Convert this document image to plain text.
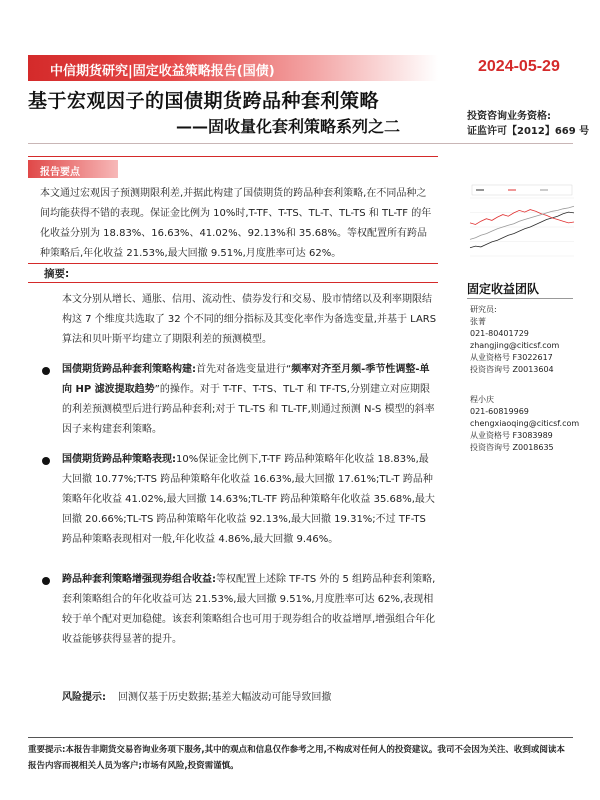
中信期货研究|固定收益策略报告(国债)	2024-05-29
基于宏观因子的国债期货跨品种套利策略
——固收量化套利策略系列之二
投资咨询业务资格:
证监许可【2012】669 号
报告要点
本文通过宏观因子预测期限利差,并据此构建了国债期货的跨品种套利策略,在不同品种之间均能获得不错的表现。保证金比例为 10%时,T-TF、T-TS、TL-T、TL-TS 和 TL-TF 的年化收益分别为 18.83%、16.63%、41.02%、92.13%和 35.68%。等权配置所有跨品种策略后,年化收益 21.53%,最大回撤 9.51%,月度胜率可达 62%。
摘要:
本文分别从增长、通胀、信用、流动性、债券发行和交易、股市情绪以及利率期限结构这 7 个维度共选取了 32 个不同的细分指标及其变化率作为备选变量,并基于 LARS 算法和贝叶斯平均建立了期限利差的预测模型。
国债期货跨品种套利策略构建:首先对备选变量进行“频率对齐至月频-季节性调整-单向 HP 滤波提取趋势”的操作。对于 T-TF、T-TS、TL-T 和 TF-TS,分别建立对应期限的利差预测模型后进行跨品种套利;对于 TL-TS 和 TL-TF,则通过预测 N-S 模型的斜率因子来构建套利策略。
国债期货跨品种策略表现:10%保证金比例下,T-TF 跨品种策略年化收益 18.83%,最大回撤 10.77%;T-TS 跨品种策略年化收益 16.63%,最大回撤 17.61%;TL-T 跨品种策略年化收益 41.02%,最大回撤 14.63%;TL-TF 跨品种策略年化收益 35.68%,最大回撤 20.66%;TL-TS 跨品种策略年化收益 92.13%,最大回撤 19.31%;不过 TF-TS 跨品种策略表现相对一般,年化收益 4.86%,最大回撤 9.46%。
跨品种套利策略增强现券组合收益:等权配置上述除 TF-TS 外的 5 组跨品种套利策略,套利策略组合的年化收益可达 21.53%,最大回撤 9.51%,月度胜率可达 62%,表现相较于单个配对更加稳健。该套利策略组合也可用于现券组合的收益增厚,增强组合年化收益能够获得显著的提升。
风险提示: 回测仅基于历史数据;基差大幅波动可能导致回撤
重要提示:本报告非期货交易咨询业务项下服务,其中的观点和信息仅作参考之用,不构成对任何人的投资建议。我司不会因为关注、收到或阅读本报告内容而视相关人员为客户;市场有风险,投资需谨慎。
固定收益团队
研究员:
张菁
021-80401729
zhangjing@citicsf.com
从业资格号 F3022617
投资咨询号 Z0013604
程小庆
021-60819969
chengxiaoqing@citicsf.com
从业资格号 F3083989
投资咨询号 Z0018635
